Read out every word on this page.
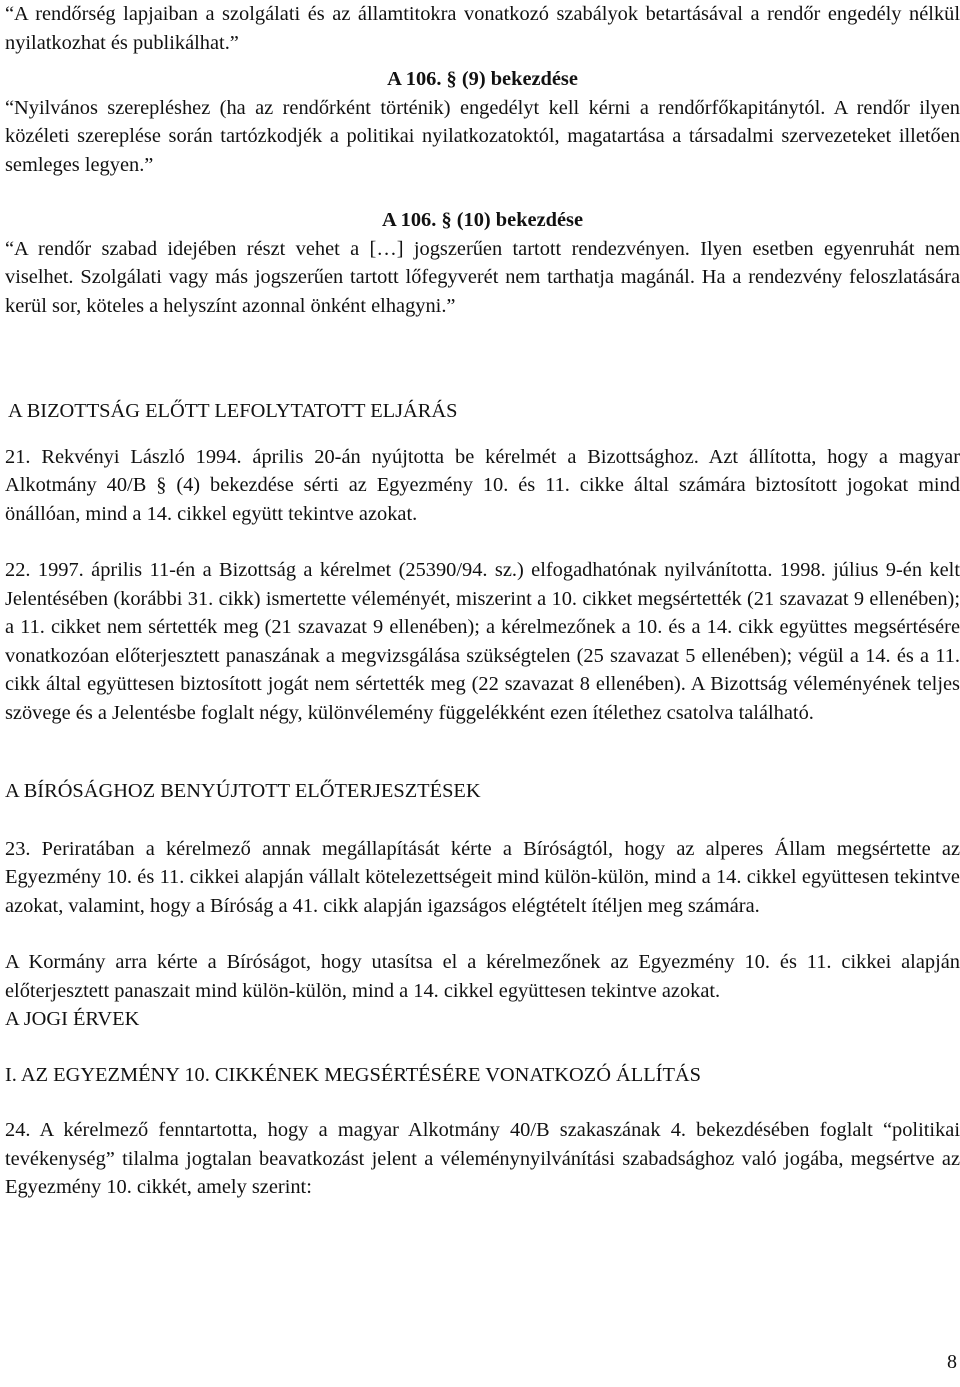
“A rendőrség lapjaiban a szolgálati és az államtitokra vonatkozó szabályok betartásával a rendőr engedély nélkül nyilatkozhat és publikálhat.”

A 106. § (9) bekezdése

“Nyilvános szerepléshez (ha az rendőrként történik) engedélyt kell kérni a rendőrfőkapitánytól. A rendőr ilyen közéleti szereplése során tartózkodjék a politikai nyilatkozatoktól, magatartása a társadalmi szervezeteket illetően semleges legyen.”

A 106. § (10) bekezdése

“A rendőr szabad idejében részt vehet a […] jogszerűen tartott rendezvényen. Ilyen esetben egyenruhát nem viselhet. Szolgálati vagy más jogszerűen tartott lőfegyverét nem tarthatja magánál. Ha a rendezvény feloszlatására kerül sor, köteles a helyszínt azonnal önként elhagyni.”

A BIZOTTSÁG ELŐTT LEFOLYTATOTT ELJÁRÁS

21. Rekvényi László 1994. április 20-án nyújtotta be kérelmét a Bizottsághoz. Azt állította, hogy a magyar Alkotmány 40/B § (4) bekezdése sérti az Egyezmény 10. és 11. cikke által számára biztosított jogokat mind önállóan, mind a 14. cikkel együtt tekintve azokat.

22. 1997. április 11-én a Bizottság a kérelmet (25390/94. sz.) elfogadhatónak nyilvánította. 1998. július 9-én kelt Jelentésében (korábbi 31. cikk) ismertette véleményét, miszerint a 10. cikket megsértették (21 szavazat 9 ellenében); a 11. cikket nem sértették meg (21 szavazat 9 ellenében); a kérelmezőnek a 10. és a 14. cikk együttes megsértésére vonatkozóan előterjesztett panaszának a megvizsgálása szükségtelen (25 szavazat 5 ellenében); végül a 14. és a 11. cikk által együttesen biztosított jogát nem sértették meg (22 szavazat 8 ellenében). A Bizottság véleményének teljes szövege és a Jelentésbe foglalt négy, különvélemény függelékként ezen ítélethez csatolva található.

A BÍRÓSÁGHOZ BENYÚJTOTT ELŐTERJESZTÉSEK

23. Periratában a kérelmező annak megállapítását kérte a Bíróságtól, hogy az alperes Állam megsértette az Egyezmény 10. és 11. cikkei alapján vállalt kötelezettségeit mind külön-külön, mind a 14. cikkel együttesen tekintve azokat, valamint, hogy a Bíróság a 41. cikk alapján igazságos elégtételt ítéljen meg számára.

A Kormány arra kérte a Bíróságot, hogy utasítsa el a kérelmezőnek az Egyezmény 10. és 11. cikkei alapján előterjesztett panaszait mind külön-külön, mind a 14. cikkel együttesen tekintve azokat.

A JOGI ÉRVEK

I. AZ EGYEZMÉNY 10. CIKKÉNEK MEGSÉRTÉSÉRE VONATKOZÓ ÁLLÍTÁS

24. A kérelmező fenntartotta, hogy a magyar Alkotmány 40/B szakaszának 4. bekezdésében foglalt “politikai tevékenység” tilalma jogtalan beavatkozást jelent a véleménynyilvánítási szabadsághoz való jogába, megsértve az Egyezmény 10. cikkét, amely szerint:

8
